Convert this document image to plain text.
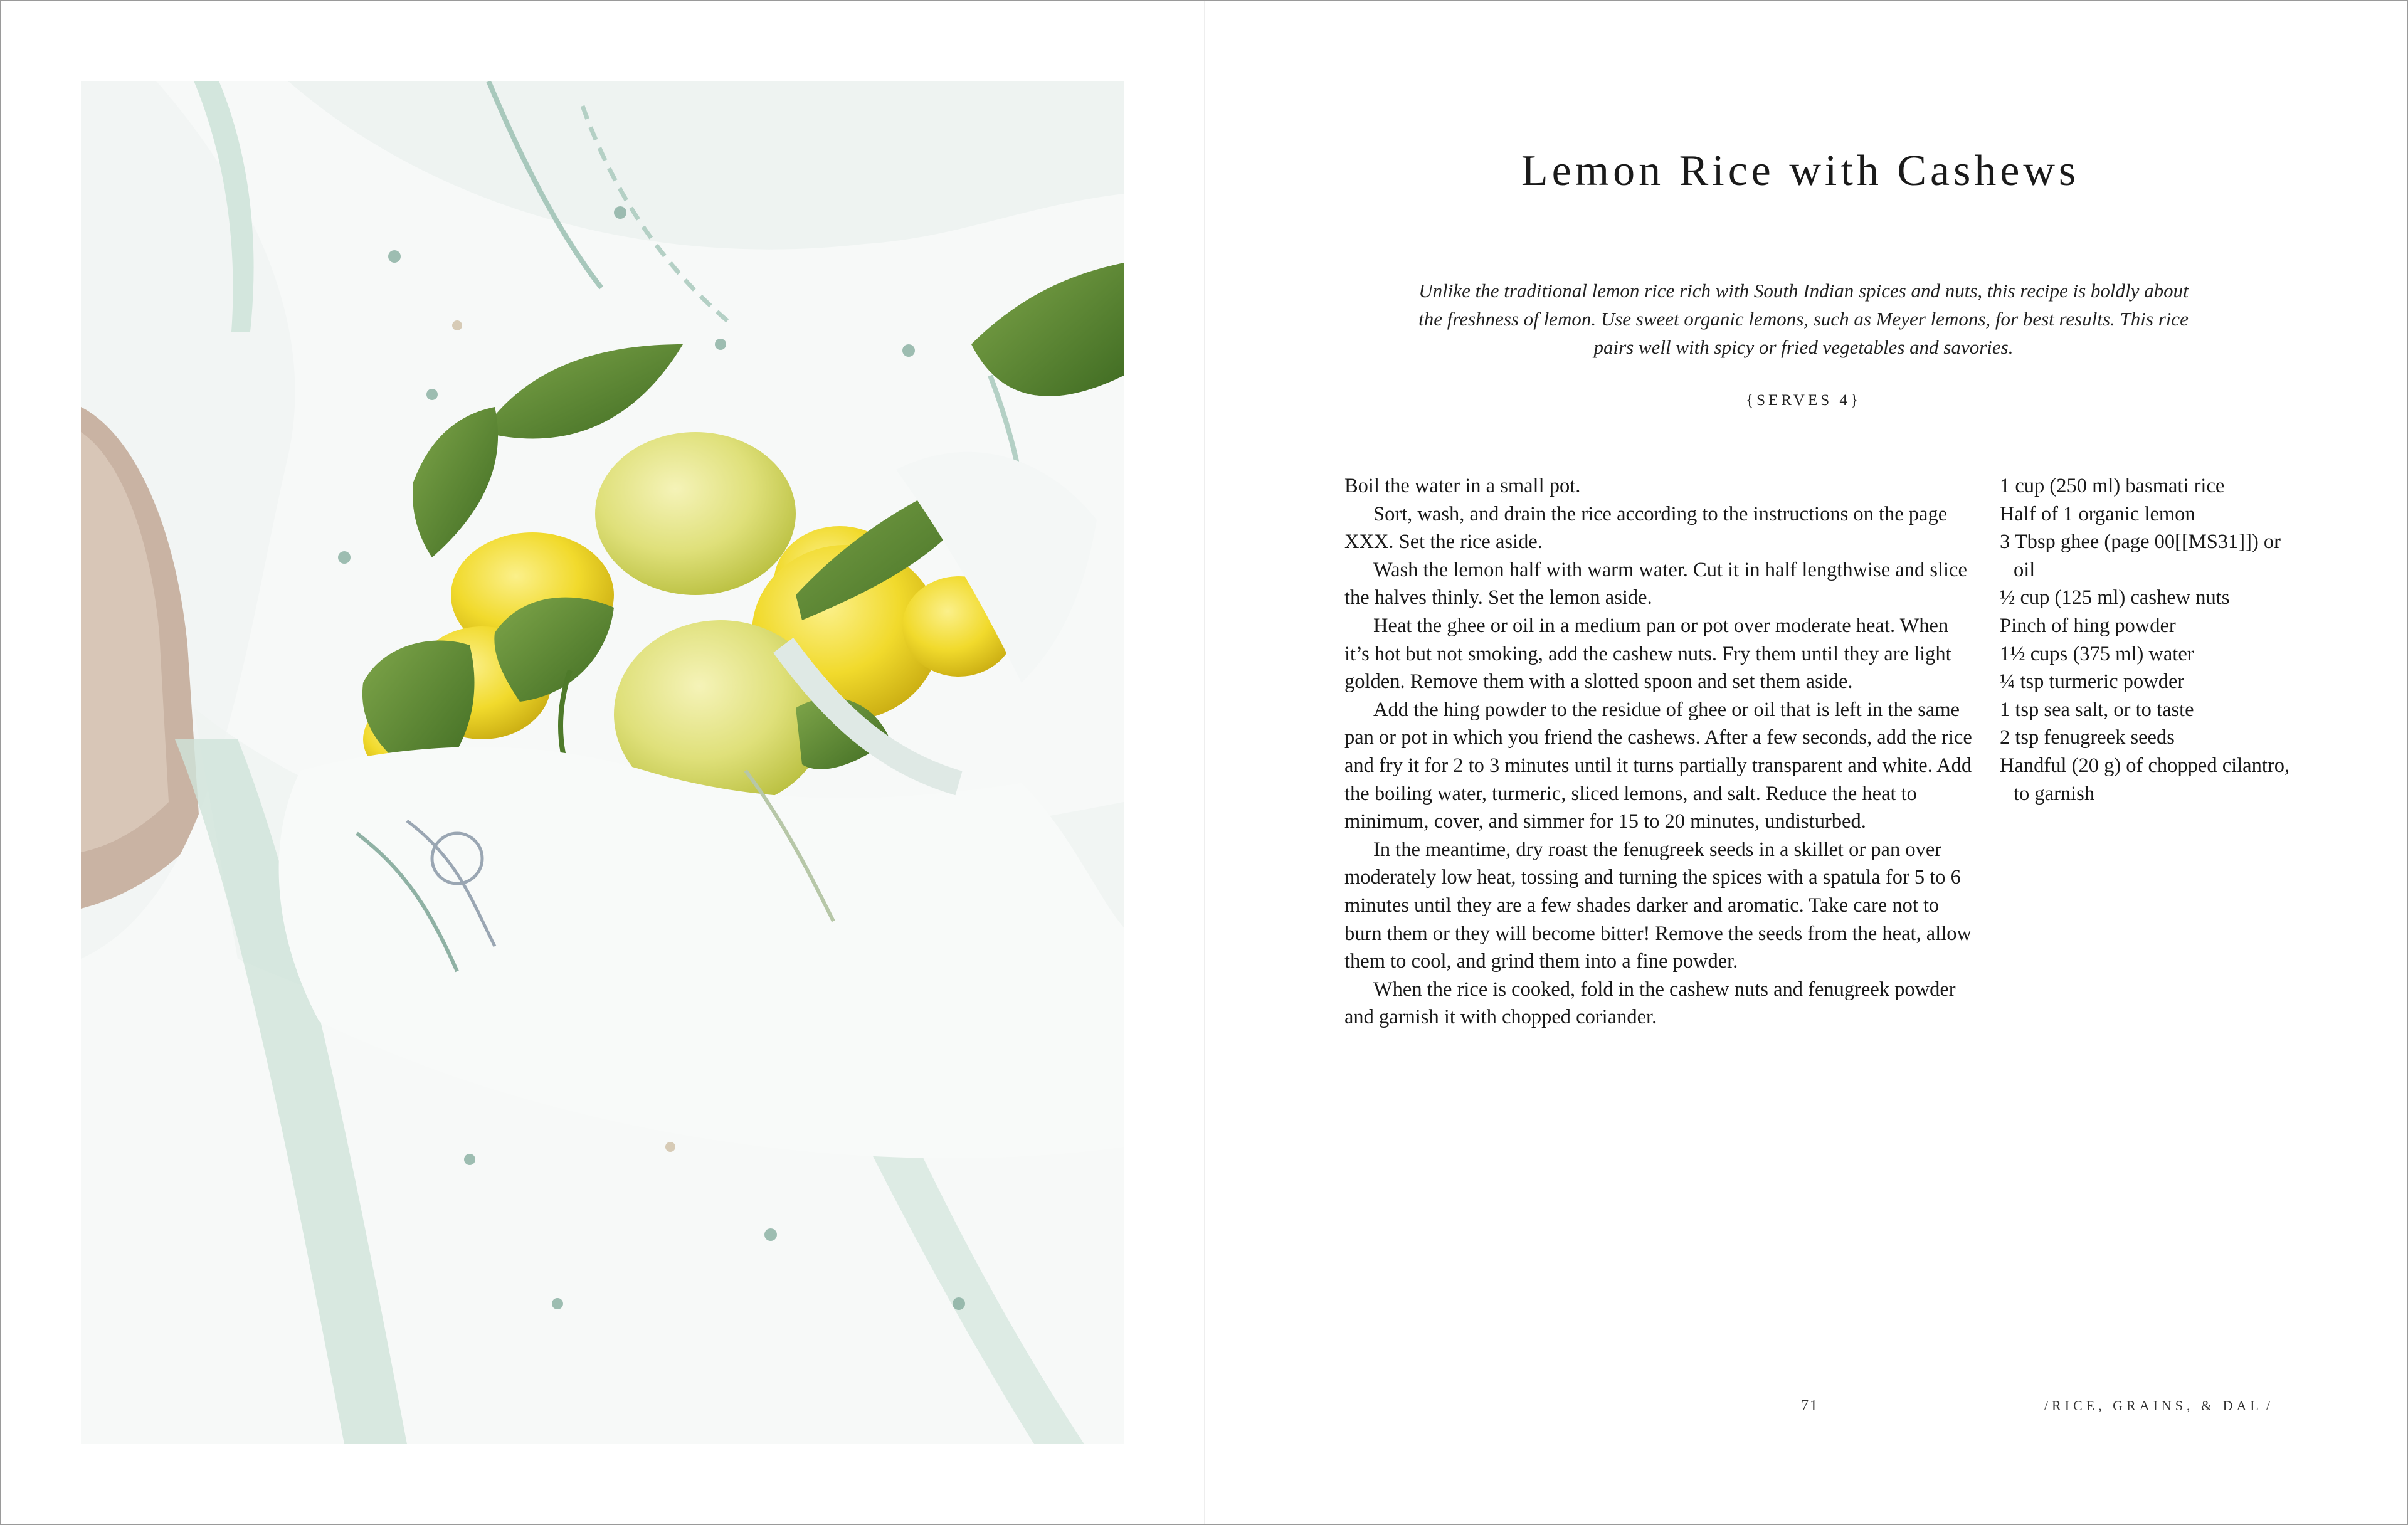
Lemon Rice with Cashews

Unlike the traditional lemon rice rich with South Indian spices and nuts, this recipe is boldly about the freshness of lemon. Use sweet organic lemons, such as Meyer lemons, for best results. This rice pairs well with spicy or fried vegetables and savories.

{SERVES 4}

Boil the water in a small pot.

Sort, wash, and drain the rice according to the instructions on the page XXX. Set the rice aside.

Wash the lemon half with warm water. Cut it in half lengthwise and slice the halves thinly. Set the lemon aside.

Heat the ghee or oil in a medium pan or pot over moderate heat. When it’s hot but not smoking, add the cashew nuts. Fry them until they are light golden. Remove them with a slotted spoon and set them aside.

Add the hing powder to the residue of ghee or oil that is left in the same pan or pot in which you friend the cashews. After a few seconds, add the rice and fry it for 2 to 3 minutes until it turns partially transparent and white. Add the boiling water, turmeric, sliced lemons, and salt. Reduce the heat to minimum, cover, and simmer for 15 to 20 minutes, undisturbed.

In the meantime, dry roast the fenugreek seeds in a skillet or pan over moderately low heat, tossing and turning the spices with a spatula for 5 to 6 minutes until they are a few shades darker and aromatic. Take care not to burn them or they will become bitter! Remove the seeds from the heat, allow them to cool, and grind them into a fine powder.

When the rice is cooked, fold in the cashew nuts and fenugreek powder and garnish it with chopped coriander.

1 cup (250 ml) basmati rice
Half of 1 organic lemon
3 Tbsp ghee (page 00[[MS31]]) or oil
½ cup (125 ml) cashew nuts
Pinch of hing powder
1½ cups (375 ml) water
¼ tsp turmeric powder
1 tsp sea salt, or to taste
2 tsp fenugreek seeds
Handful (20 g) of chopped cilantro, to garnish
71	/ RICE, GRAINS, & DAL /
